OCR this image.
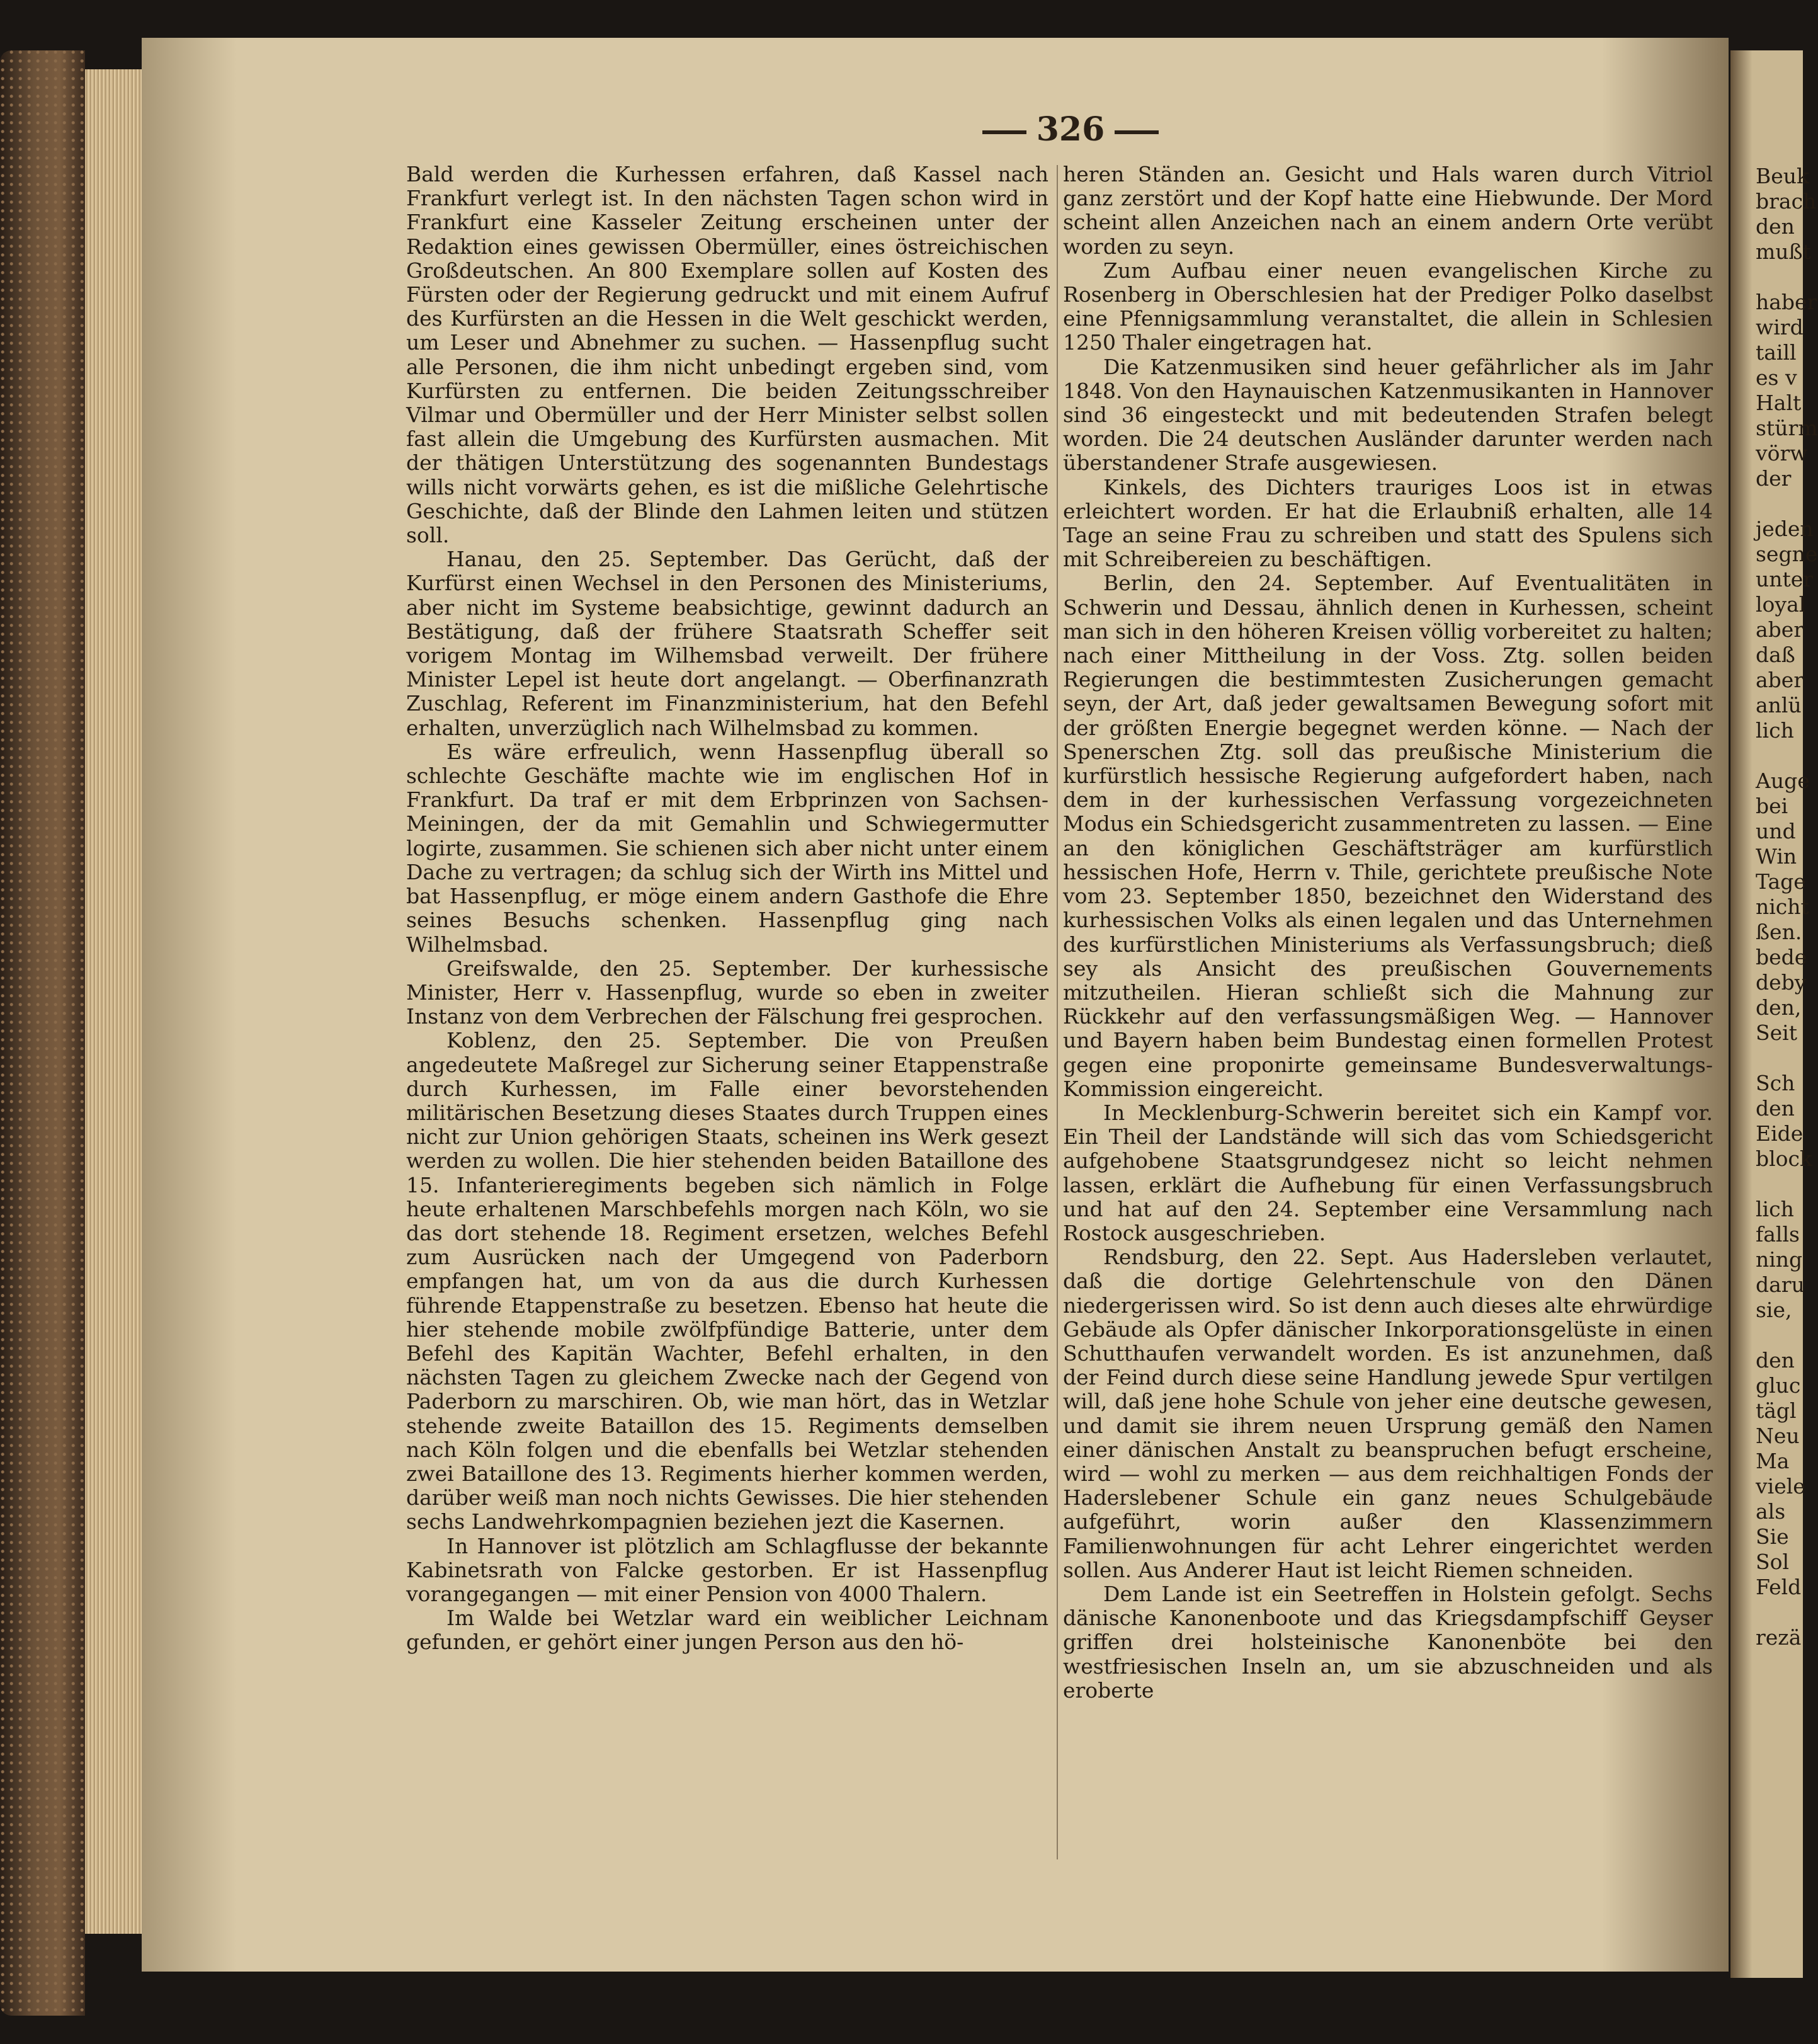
326

Bald werden die Kurhessen erfahren, daß Kassel nach Frankfurt verlegt ist. In den nächsten Tagen schon wird in Frankfurt eine Kasseler Zeitung erscheinen unter der Redaktion eines gewissen Obermüller, eines östreichischen Großdeutschen. An 800 Exemplare sollen auf Kosten des Fürsten oder der Regierung gedruckt und mit einem Aufruf des Kurfürsten an die Hessen in die Welt geschickt werden, um Leser und Abnehmer zu suchen. — Hassenpflug sucht alle Personen, die ihm nicht unbedingt ergeben sind, vom Kurfürsten zu entfernen. Die beiden Zeitungsschreiber Vilmar und Obermüller und der Herr Minister selbst sollen fast allein die Umgebung des Kurfürsten ausmachen. Mit der thätigen Unterstützung des sogenannten Bundestags wills nicht vorwärts gehen, es ist die mißliche Gelehrtische Geschichte, daß der Blinde den Lahmen leiten und stützen soll.

Hanau, den 25. September. Das Gerücht, daß der Kurfürst einen Wechsel in den Personen des Ministeriums, aber nicht im Systeme beabsichtige, gewinnt dadurch an Bestätigung, daß der frühere Staatsrath Scheffer seit vorigem Montag im Wilhemsbad verweilt. Der frühere Minister Lepel ist heute dort angelangt. — Oberfinanzrath Zuschlag, Referent im Finanzministerium, hat den Befehl erhalten, unverzüglich nach Wilhelmsbad zu kommen.

Es wäre erfreulich, wenn Hassenpflug überall so schlechte Geschäfte machte wie im englischen Hof in Frankfurt. Da traf er mit dem Erbprinzen von Sachsen-Meiningen, der da mit Gemahlin und Schwiegermutter logirte, zusammen. Sie schienen sich aber nicht unter einem Dache zu vertragen; da schlug sich der Wirth ins Mittel und bat Hassenpflug, er möge einem andern Gasthofe die Ehre seines Besuchs schenken. Hassenpflug ging nach Wilhelmsbad.

Greifswalde, den 25. September. Der kurhessische Minister, Herr v. Hassenpflug, wurde so eben in zweiter Instanz von dem Verbrechen der Fälschung frei gesprochen.

Koblenz, den 25. September. Die von Preußen angedeutete Maßregel zur Sicherung seiner Etappenstraße durch Kurhessen, im Falle einer bevorstehenden militärischen Besetzung dieses Staates durch Truppen eines nicht zur Union gehörigen Staats, scheinen ins Werk gesezt werden zu wollen. Die hier stehenden beiden Bataillone des 15. Infanterieregiments begeben sich nämlich in Folge heute erhaltenen Marschbefehls morgen nach Köln, wo sie das dort stehende 18. Regiment ersetzen, welches Befehl zum Ausrücken nach der Umgegend von Paderborn empfangen hat, um von da aus die durch Kurhessen führende Etappenstraße zu besetzen. Ebenso hat heute die hier stehende mobile zwölfpfündige Batterie, unter dem Befehl des Kapitän Wachter, Befehl erhalten, in den nächsten Tagen zu gleichem Zwecke nach der Gegend von Paderborn zu marschiren. Ob, wie man hört, das in Wetzlar stehende zweite Bataillon des 15. Regiments demselben nach Köln folgen und die ebenfalls bei Wetzlar stehenden zwei Bataillone des 13. Regiments hierher kommen werden, darüber weiß man noch nichts Gewisses. Die hier stehenden sechs Landwehrkompagnien beziehen jezt die Kasernen.

In Hannover ist plötzlich am Schlagflusse der bekannte Kabinetsrath von Falcke gestorben. Er ist Hassenpflug vorangegangen — mit einer Pension von 4000 Thalern.

Im Walde bei Wetzlar ward ein weiblicher Leichnam gefunden, er gehört einer jungen Person aus den hö-

heren Ständen an. Gesicht und Hals waren durch Vitriol ganz zerstört und der Kopf hatte eine Hiebwunde. Der Mord scheint allen Anzeichen nach an einem andern Orte verübt worden zu seyn.

Zum Aufbau einer neuen evangelischen Kirche zu Rosenberg in Oberschlesien hat der Prediger Polko daselbst eine Pfennigsammlung veranstaltet, die allein in Schlesien 1250 Thaler eingetragen hat.

Die Katzenmusiken sind heuer gefährlicher als im Jahr 1848. Von den Haynauischen Katzenmusikanten in Hannover sind 36 eingesteckt und mit bedeutenden Strafen belegt worden. Die 24 deutschen Ausländer darunter werden nach überstandener Strafe ausgewiesen.

Kinkels, des Dichters trauriges Loos ist in etwas erleichtert worden. Er hat die Erlaubniß erhalten, alle 14 Tage an seine Frau zu schreiben und statt des Spulens sich mit Schreibereien zu beschäftigen.

Berlin, den 24. September. Auf Eventualitäten in Schwerin und Dessau, ähnlich denen in Kurhessen, scheint man sich in den höheren Kreisen völlig vorbereitet zu halten; nach einer Mittheilung in der Voss. Ztg. sollen beiden Regierungen die bestimmtesten Zusicherungen gemacht seyn, der Art, daß jeder gewaltsamen Bewegung sofort mit der größten Energie begegnet werden könne. — Nach der Spenerschen Ztg. soll das preußische Ministerium die kurfürstlich hessische Regierung aufgefordert haben, nach dem in der kurhessischen Verfassung vorgezeichneten Modus ein Schiedsgericht zusammentreten zu lassen. — Eine an den königlichen Geschäftsträger am kurfürstlich hessischen Hofe, Herrn v. Thile, gerichtete preußische Note vom 23. September 1850, bezeichnet den Widerstand des kurhessischen Volks als einen legalen und das Unternehmen des kurfürstlichen Ministeriums als Verfassungsbruch; dieß sey als Ansicht des preußischen Gouvernements mitzutheilen. Hieran schließt sich die Mahnung zur Rückkehr auf den verfassungsmäßigen Weg. — Hannover und Bayern haben beim Bundestag einen formellen Protest gegen eine proponirte gemeinsame Bundesverwaltungs-Kommission eingereicht.

In Mecklenburg-Schwerin bereitet sich ein Kampf vor. Ein Theil der Landstände will sich das vom Schiedsgericht aufgehobene Staatsgrundgesez nicht so leicht nehmen lassen, erklärt die Aufhebung für einen Verfassungsbruch und hat auf den 24. September eine Versammlung nach Rostock ausgeschrieben.

Rendsburg, den 22. Sept. Aus Hadersleben verlautet, daß die dortige Gelehrtenschule von den Dänen niedergerissen wird. So ist denn auch dieses alte ehrwürdige Gebäude als Opfer dänischer Inkorporationsgelüste in einen Schutthaufen verwandelt worden. Es ist anzunehmen, daß der Feind durch diese seine Handlung jewede Spur vertilgen will, daß jene hohe Schule von jeher eine deutsche gewesen, und damit sie ihrem neuen Ursprung gemäß den Namen einer dänischen Anstalt zu beanspruchen befugt erscheine, wird — wohl zu merken — aus dem reichhaltigen Fonds der Haderslebener Schule ein ganz neues Schulgebäude aufgeführt, worin außer den Klassenzimmern Familienwohnungen für acht Lehrer eingerichtet werden sollen. Aus Anderer Haut ist leicht Riemen schneiden.

Dem Lande ist ein Seetreffen in Holstein gefolgt. Sechs dänische Kanonenboote und das Kriegsdampfschiff Geyser griffen drei holsteinische Kanonenböte bei den westfriesischen Inseln an, um sie abzuschneiden und als eroberte

Beuk
brach
den
mußt
haber
wird
taill
es v
Halt
stürm
vörw
der
jeden
segne
unter
loyal
aber
daß
aber
anlü
lich
Auge
bei
und
Win
Tage
nicht
ßen.
bede
deby
den,
Seit
Sch
den
Eide
block
lich
falls
ning
daru
sie,
den
gluc
tägl
Neu
Ma
viele
als
Sie
Sol
Feld
rezä
